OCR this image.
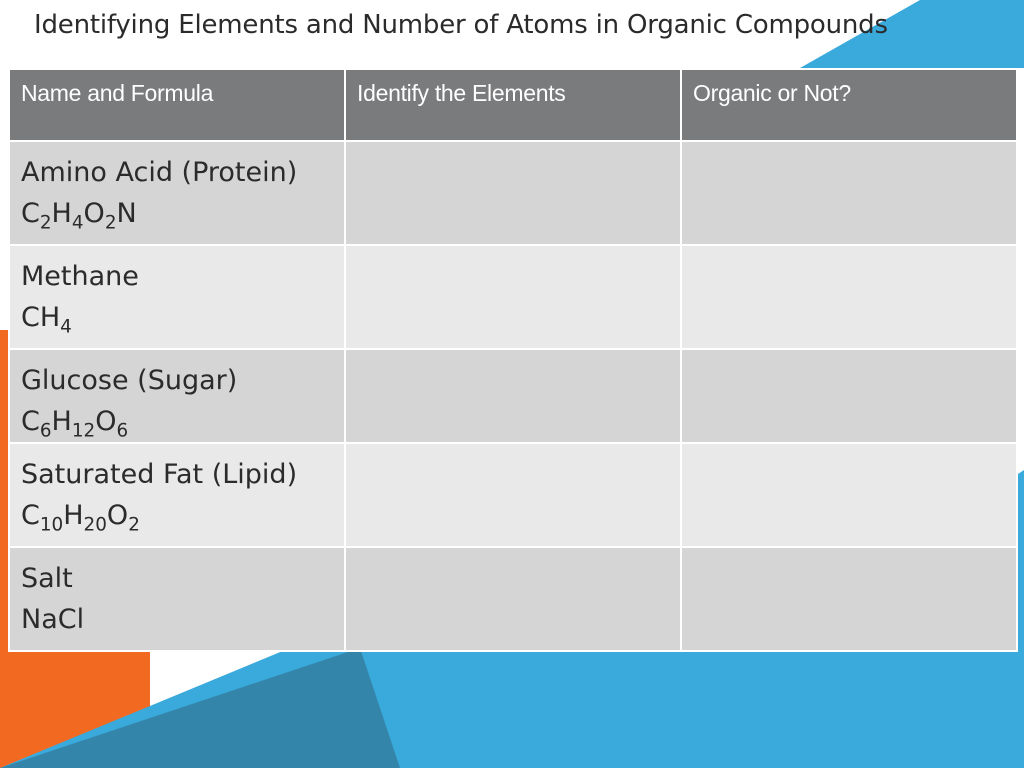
Identifying Elements and Number of Atoms in Organic Compounds
Name and Formula	Identify the Elements	Organic or Not?

Amino Acid (Protein)
$C_2H_4O_2N$		

Methane
$CH_4$

Glucose (Sugar)
$C_6H_{12}O_6$

Saturated Fat (Lipid)
$C_{10}H_{20}O_2$

Salt
NaCl		
